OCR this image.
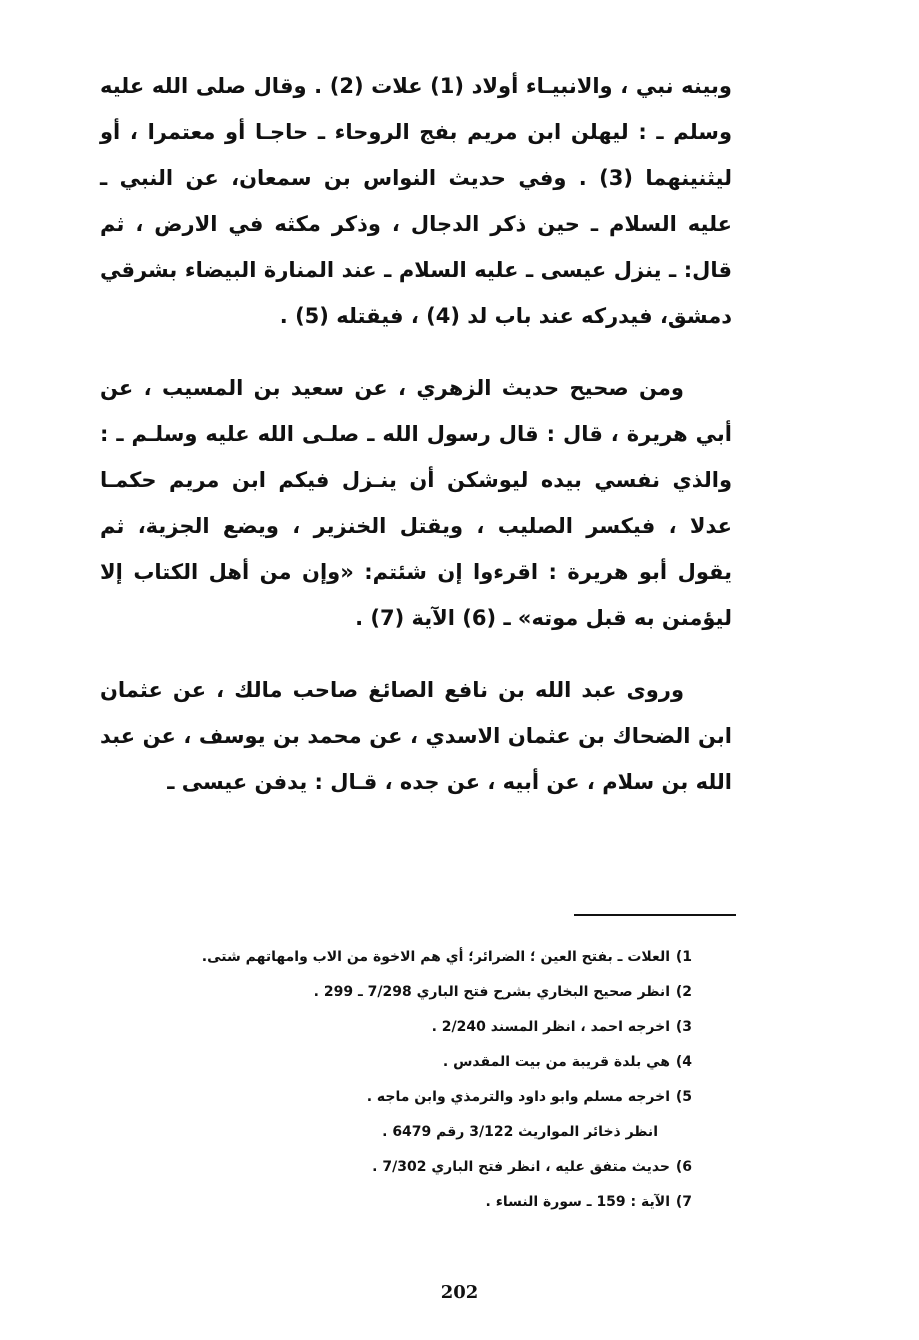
وبينه نبي ، والانبيـاء أولاد (1) علات (2) . وقال صلى الله عليه وسلم ـ : ليهلن ابن مريم بفج الروحاء ـ حاجـا أو معتمرا ، أو ليثنينهما (3) . وفي حديث النواس بن سمعان، عن النبي ـ عليه السلام ـ حين ذكر الدجال ، وذكر مكثه في الارض ، ثم قال: ـ ينزل عيسى ـ عليه السلام ـ عند المنارة البيضاء بشرقي دمشق، فيدركه عند باب لد (4) ، فيقتله (5) .

ومن صحيح حديث الزهري ، عن سعيد بن المسيب ، عن أبي هريرة ، قال : قال رسول الله ـ صلـى الله عليه وسلـم ـ : والذي نفسي بيده ليوشكن أن ينـزل فيكم ابن مريم حكمـا عدلا ، فيكسر الصليب ، ويقتل الخنزير ، ويضع الجزية، ثم يقول أبو هريرة : اقرءوا إن شئتم: «وإن من أهل الكتاب إلا ليؤمنن به قبل موته» ـ (6) الآية (7) .

وروى عبد الله بن نافع الصائغ صاحب مالك ، عن عثمان ابن الضحاك بن عثمان الاسدي ، عن محمد بن يوسف ، عن عبد الله بن سلام ، عن أبيه ، عن جده ، قـال : يدفن عيسى ـ

1)العلات ـ بفتح العين ؛ الضرائر؛ أي هم الاخوة من الاب وامهاتهم شتى.
2)انظر صحيح البخاري بشرح فتح الباري 7/298 ـ 299 .
3)اخرجه احمد ، انظر المسند 2/240 .
4)هي بلدة قريبة من بيت المقدس .
5)اخرجه مسلم وابو داود والترمذي وابن ماجه .
انظر ذخائر المواريث 3/122 رقم 6479 .
6)حديث متفق عليه ، انظر فتح الباري 7/302 .
7)الآية : 159 ـ سورة النساء .
202
